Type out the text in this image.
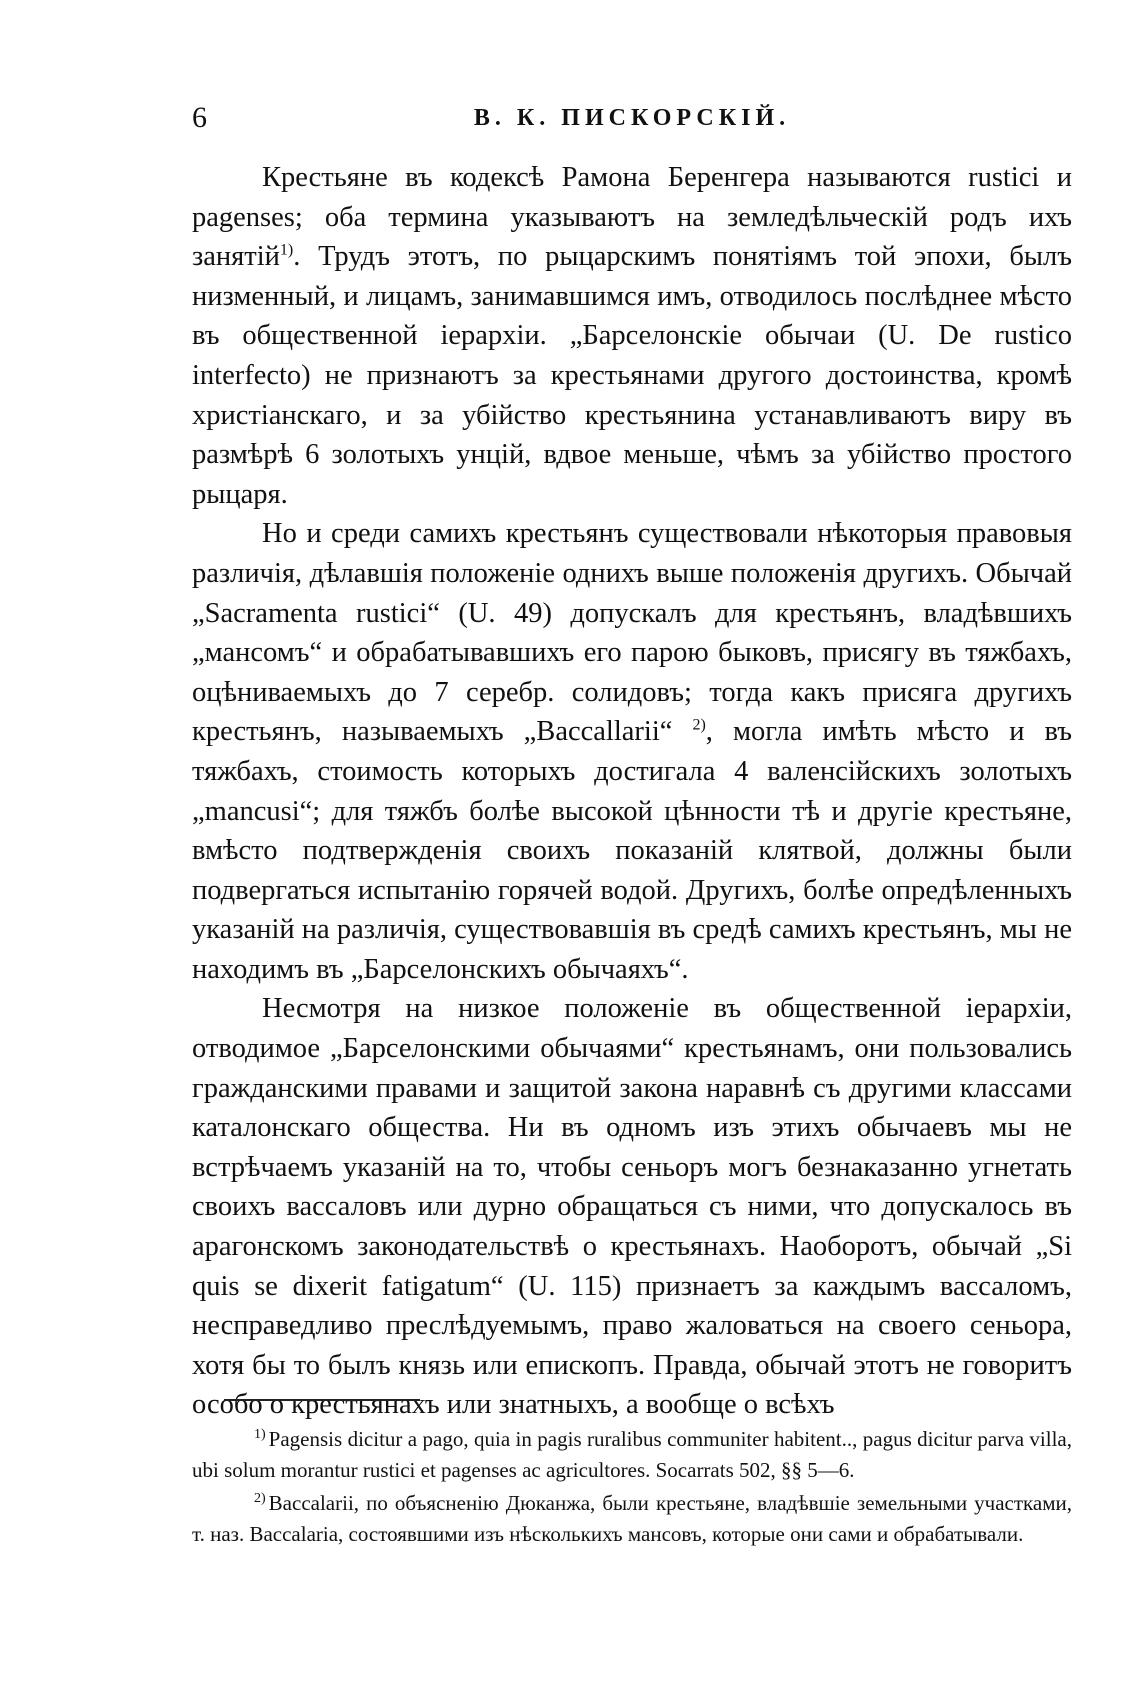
6	В. К. ПИСКОРСКІЙ.

Крестьяне въ кодексѣ Рамона Беренгера называются rustici и pagenses; оба термина указываютъ на земледѣльческій родъ ихъ занятій$^{1)}$. Трудъ этотъ, по рыцарскимъ понятіямъ той эпохи, былъ низменный, и лицамъ, занимавшимся имъ, отводилось послѣднее мѣсто въ общественной іерархіи. „Барселонскіе обычаи (U. De rustico interfecto) не признаютъ за крестьянами другого достоинства, кромѣ христіанскаго, и за убійство крестьянина устанавливаютъ виру въ размѣрѣ 6 золотыхъ унцій, вдвое меньше, чѣмъ за убійство простого рыцаря.

Но и среди самихъ крестьянъ существовали нѣкоторыя правовыя различія, дѣлавшія положеніе однихъ выше положенія другихъ. Обычай „Sacramenta rustici“ (U. 49) допускалъ для крестьянъ, владѣвшихъ „мансомъ“ и обрабатывавшихъ его парою быковъ, присягу въ тяжбахъ, оцѣниваемыхъ до 7 серебр. солидовъ; тогда какъ присяга другихъ крестьянъ, называемыхъ „Baccallarii“ $^{2)}$, могла имѣть мѣсто и въ тяжбахъ, стоимость которыхъ достигала 4 валенсійскихъ золотыхъ „mancusi“; для тяжбъ болѣе высокой цѣнности тѣ и другіе крестьяне, вмѣсто подтвержденія своихъ показаній клятвой, должны были подвергаться испытанію горячей водой. Другихъ, болѣе опредѣленныхъ указаній на различія, существовавшія въ средѣ самихъ крестьянъ, мы не находимъ въ „Барселонскихъ обычаяхъ“.

Несмотря на низкое положеніе въ общественной іерархіи, отводимое „Барселонскими обычаями“ крестьянамъ, они пользовались гражданскими правами и защитой закона наравнѣ съ другими классами каталонскаго общества. Ни въ одномъ изъ этихъ обычаевъ мы не встрѣчаемъ указаній на то, чтобы сеньоръ могъ безнаказанно угнетать своихъ вассаловъ или дурно обращаться съ ними, что допускалось въ арагонскомъ законодательствѣ о крестьянахъ. Наоборотъ, обычай „Si quis se dixerit fatigatum“ (U. 115) признаетъ за каждымъ вассаломъ, несправедливо преслѣдуемымъ, право жаловаться на своего сеньора, хотя бы то былъ князь или епископъ. Правда, обычай этотъ не говоритъ особо о крестьянахъ или знатныхъ, а вообще о всѣхъ

$^{1)}$ Pagensis dicitur a pago, quia in pagis ruralibus communiter habitent.., pagus dicitur parva villa, ubi solum morantur rustici et pagenses ac agricultores. Socarrats 502, §§ 5—6.

$^{2)}$ Baccalarii, по объясненію Дюканжа, были крестьяне, владѣвшіе земельными участками, т. наз. Baccalaria, состоявшими изъ нѣсколькихъ мансовъ, которые они сами и обрабатывали.
